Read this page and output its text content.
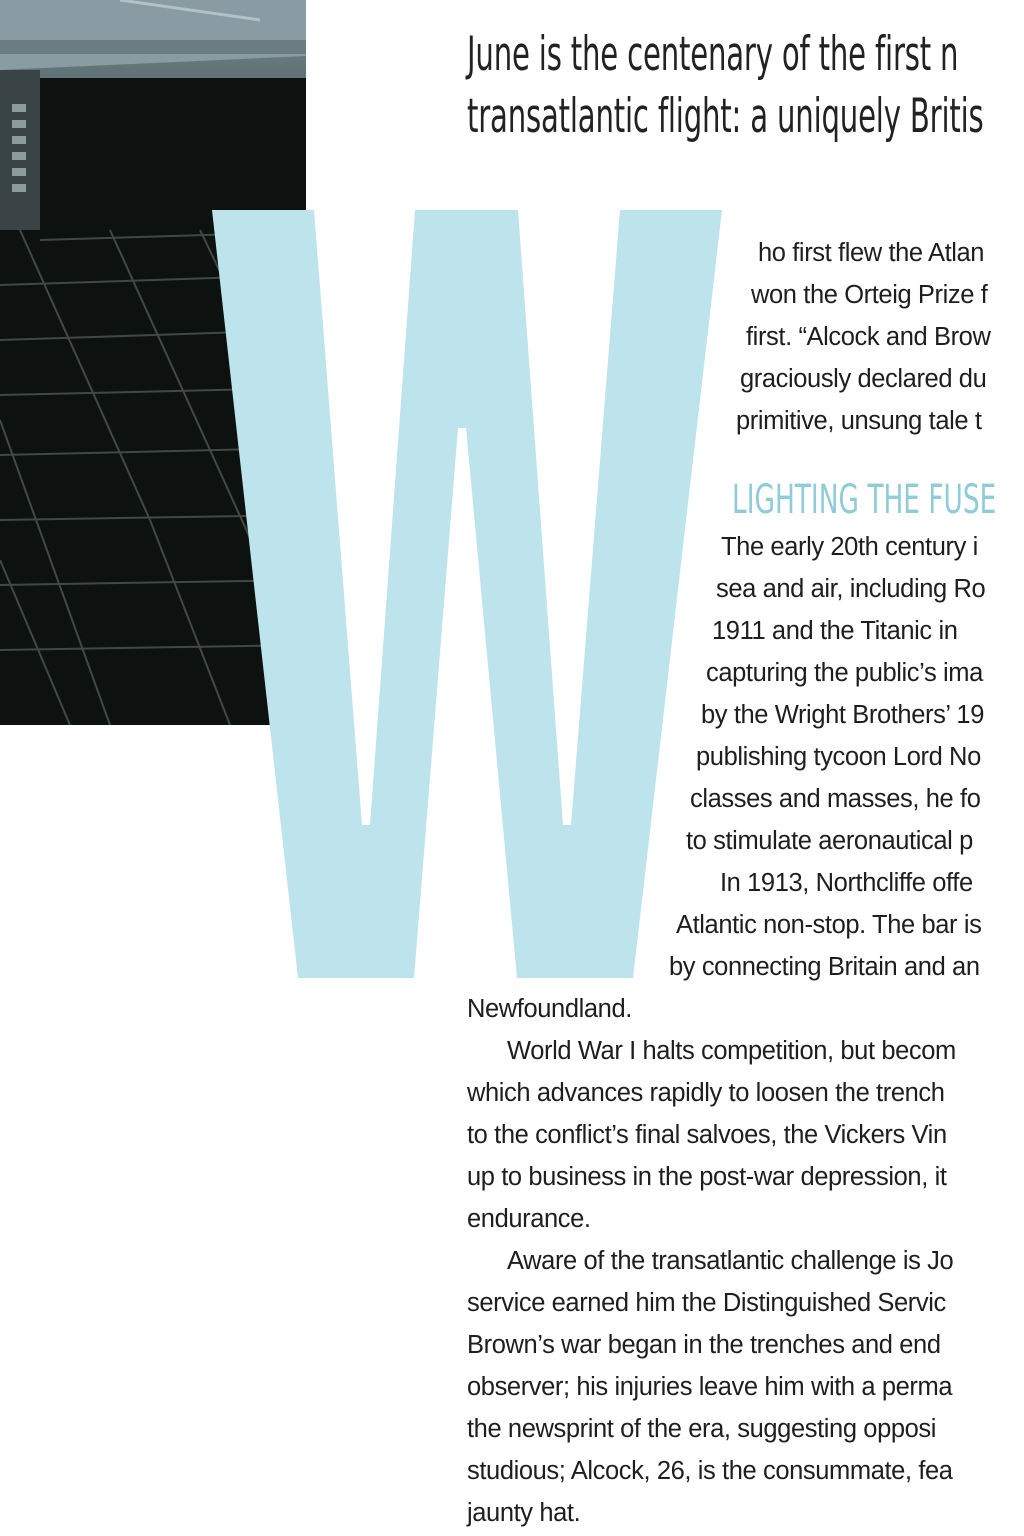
June is the centenary of the first n
transatlantic flight: a uniquely Britis
LIGHTING THE FUSE
ho first flew the Atlan
won the Orteig Prize f
first. “Alcock and Brow
graciously declared du
primitive, unsung tale t
The early 20th century i
sea and air, including Ro
1911 and the Titanic in
capturing the public’s ima
by the Wright Brothers’ 19
publishing tycoon Lord No
classes and masses, he fo
to stimulate aeronautical p
In 1913, Northcliffe offe
Atlantic non-stop. The bar is
by connecting Britain and an
Newfoundland.
World War I halts competition, but becom
which advances rapidly to loosen the trench
to the conflict’s final salvoes, the Vickers Vin
up to business in the post-war depression, it
endurance.
Aware of the transatlantic challenge is Jo
service earned him the Distinguished Servic
Brown’s war began in the trenches and end
observer; his injuries leave him with a perma
the newsprint of the era, suggesting opposi
studious; Alcock, 26, is the consummate, fea
jaunty hat.
